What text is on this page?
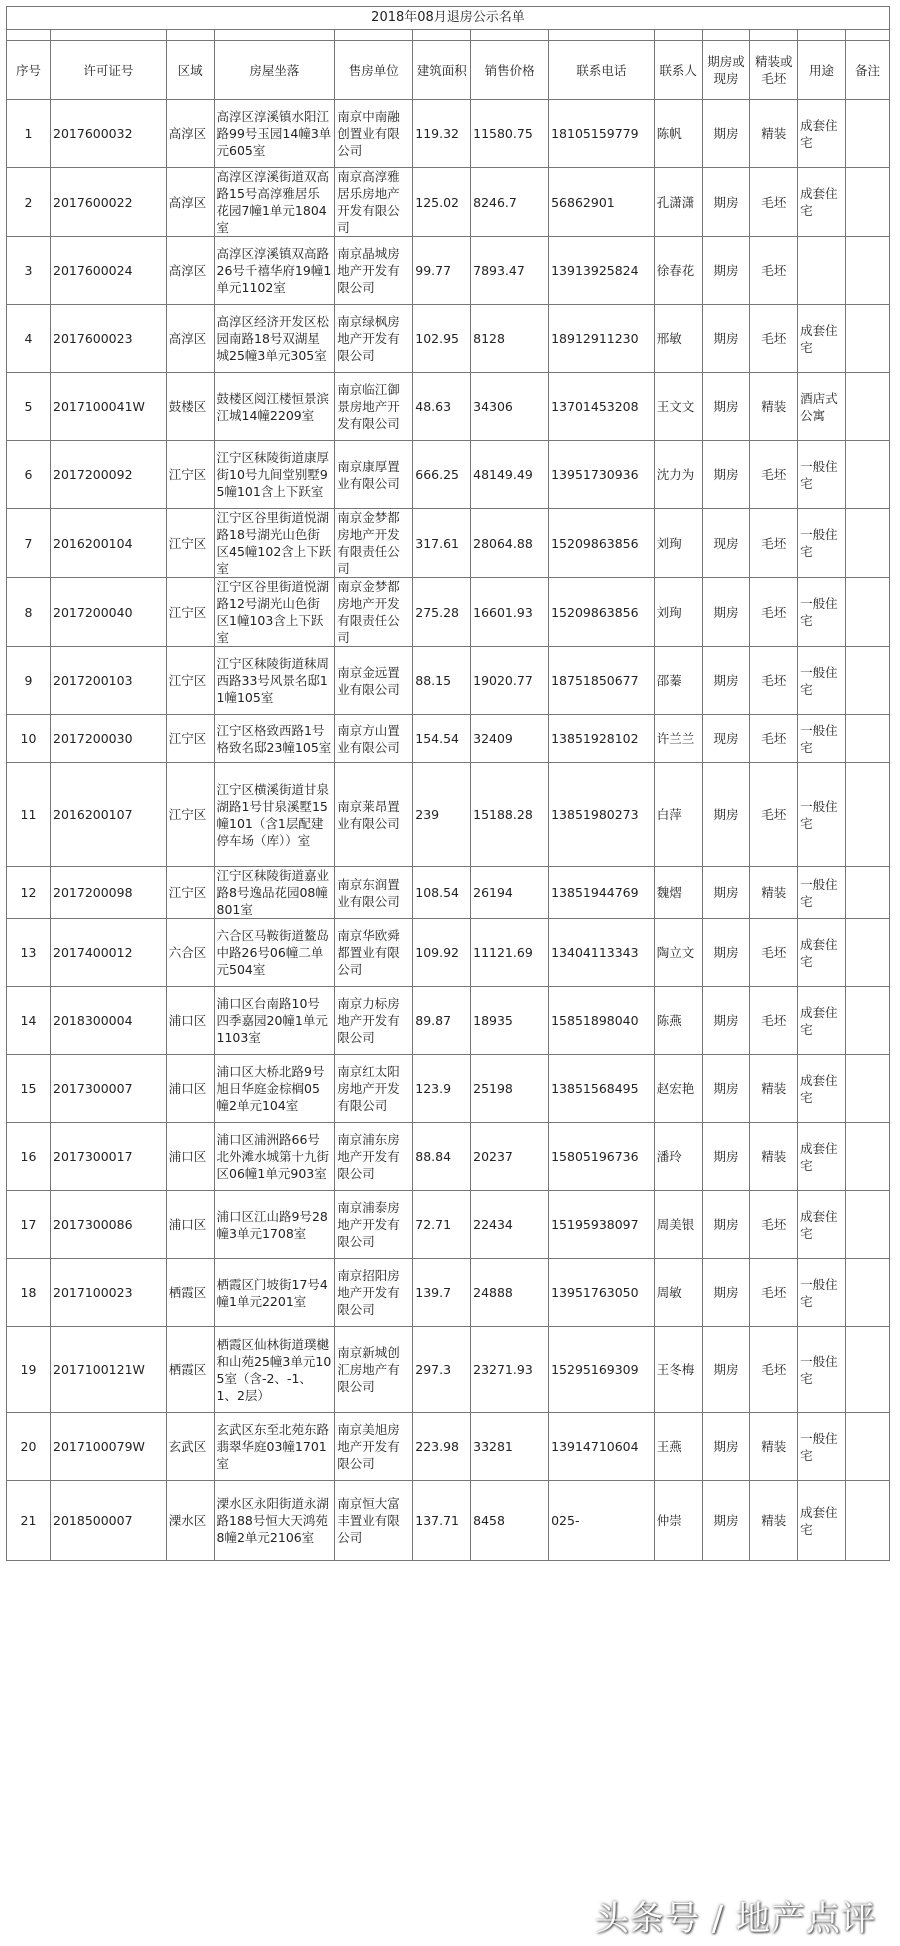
2018年08月退房公示名单

序号	许可证号	区域	房屋坐落	售房单位	建筑面积	销售价格	联系电话	联系人	期房或现房	精装或毛坯	用途	备注
1	2017600032	高淳区	高淳区淳溪镇水阳江路99号玉园14幢3单元605室	南京中南融创置业有限公司	119.32	11580.75	18105159779	陈帆	期房	精装	成套住宅	
2	2017600022	高淳区	高淳区淳溪街道双高路15号高淳雅居乐花园7幢1单元1804室	南京高淳雅居乐房地产开发有限公司	125.02	8246.7	56862901	孔潇潇	期房	毛坯	成套住宅	
3	2017600024	高淳区	高淳区淳溪镇双高路26号千禧华府19幢1单元1102室	南京晶城房地产开发有限公司	99.77	7893.47	13913925824	徐春花	期房	毛坯		
4	2017600023	高淳区	高淳区经济开发区松园南路18号双湖星城25幢3单元305室	南京绿枫房地产开发有限公司	102.95	8128	18912911230	邢敏	期房	毛坯	成套住宅	
5	2017100041W	鼓楼区	鼓楼区阅江楼恒景滨江城14幢2209室	南京临江御景房地产开发有限公司	48.63	34306	13701453208	王文文	期房	精装	酒店式公寓	
6	2017200092	江宁区	江宁区秣陵街道康厚街10号九间堂别墅95幢101含上下跃室	南京康厚置业有限公司	666.25	48149.49	13951730936	沈力为	期房	毛坯	一般住宅	
7	2016200104	江宁区	江宁区谷里街道悦湖路18号湖光山色街区45幢102含上下跃室	南京金梦都房地产开发有限责任公司	317.61	28064.88	15209863856	刘珣	现房	毛坯	一般住宅	
8	2017200040	江宁区	江宁区谷里街道悦湖路12号湖光山色街区1幢103含上下跃室	南京金梦都房地产开发有限责任公司	275.28	16601.93	15209863856	刘珣	期房	毛坯	一般住宅	
9	2017200103	江宁区	江宁区秣陵街道秣周西路33号风景名邸11幢105室	南京金远置业有限公司	88.15	19020.77	18751850677	邵蓁	期房	毛坯	一般住宅	
10	2017200030	江宁区	江宁区格致西路1号格致名邸23幢105室	南京方山置业有限公司	154.54	32409	13851928102	许兰兰	现房	毛坯	一般住宅	
11	2016200107	江宁区	江宁区横溪街道甘泉湖路1号甘泉溪墅15幢101（含1层配建停车场（库））室	南京莱昂置业有限公司	239	15188.28	13851980273	白萍	期房	毛坯	一般住宅	
12	2017200098	江宁区	江宁区秣陵街道嘉业路8号逸品花园08幢801室	南京东润置业有限公司	108.54	26194	13851944769	魏熠	期房	精装	一般住宅	
13	2017400012	六合区	六合区马鞍街道鳌岛中路26号06幢二单元504室	南京华欧舜都置业有限公司	109.92	11121.69	13404113343	陶立文	期房	毛坯	成套住宅	
14	2018300004	浦口区	浦口区台南路10号四季嘉园20幢1单元1103室	南京力标房地产开发有限公司	89.87	18935	15851898040	陈燕	期房	毛坯	成套住宅	
15	2017300007	浦口区	浦口区大桥北路9号旭日华庭金棕榈05幢2单元104室	南京红太阳房地产开发有限公司	123.9	25198	13851568495	赵宏艳	期房	精装	成套住宅	
16	2017300017	浦口区	浦口区浦洲路66号北外滩水城第十九街区06幢1单元903室	南京浦东房地产开发有限公司	88.84	20237	15805196736	潘玲	期房	精装	成套住宅	
17	2017300086	浦口区	浦口区江山路9号28幢3单元1708室	南京浦泰房地产开发有限公司	72.71	22434	15195938097	周美银	期房	毛坯	成套住宅	
18	2017100023	栖霞区	栖霞区门坡街17号4幢1单元2201室	南京招阳房地产开发有限公司	139.7	24888	13951763050	周敏	期房	毛坯	一般住宅	
19	2017100121W	栖霞区	栖霞区仙林街道璞樾和山苑25幢3单元105室（含-2、-1、1、2层）	南京新城创汇房地产有限公司	297.3	23271.93	15295169309	王冬梅	期房	毛坯	一般住宅	
20	2017100079W	玄武区	玄武区东至北苑东路翡翠华庭03幢1701室	南京美旭房地产开发有限公司	223.98	33281	13914710604	王燕	期房	精装	一般住宅	
21	2018500007	溧水区	溧水区永阳街道永湖路188号恒大天鸿苑8幢2单元2106室	南京恒大富丰置业有限公司	137.71	8458	025-	仲崇	期房	精装	成套住宅	
头条号 / 地产点评
